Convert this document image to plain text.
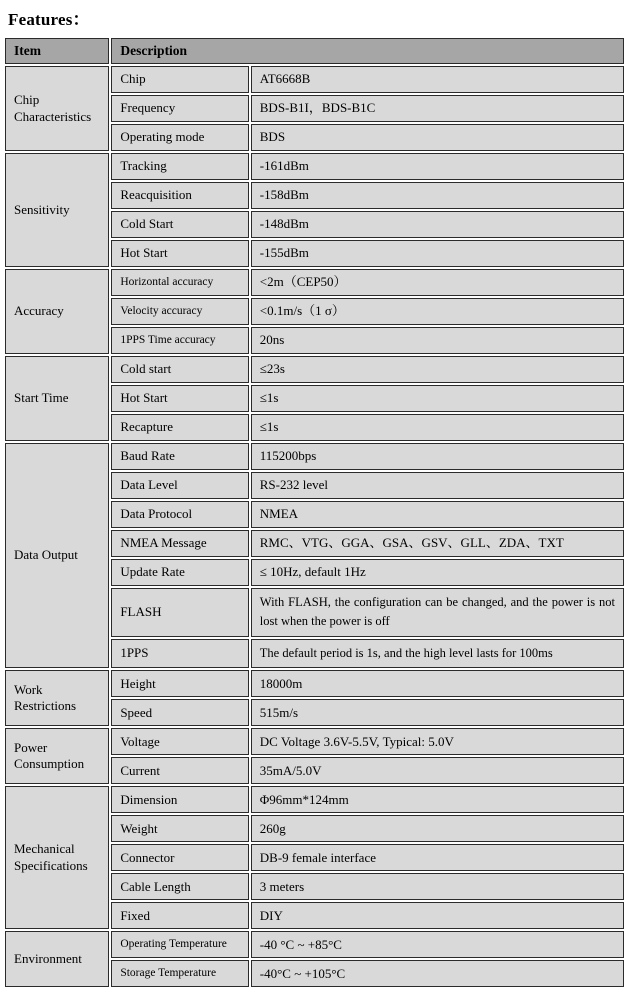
Features：
Item	Description	
Chip Characteristics	Chip	AT6668B
	Frequency	BDS-B1I，BDS-B1C
	Operating mode	BDS
Sensitivity	Tracking	-161dBm
	Reacquisition	-158dBm
	Cold Start	-148dBm
	Hot Start	-155dBm
Accuracy	Horizontal accuracy	<2m（CEP50）
	Velocity accuracy	<0.1m/s（1 σ）
	1PPS Time accuracy	20ns
Start Time	Cold start	≤23s
	Hot Start	≤1s
	Recapture	≤1s
Data Output	Baud Rate	115200bps
	Data Level	RS-232 level
	Data Protocol	NMEA
	NMEA Message	RMC、VTG、GGA、GSA、GSV、GLL、ZDA、TXT
	Update Rate	≤ 10Hz, default 1Hz
	FLASH	With FLASH, the configuration can be changed, and the power is not lost when the power is off
	1PPS	The default period is 1s, and the high level lasts for 100ms
Work Restrictions	Height	18000m
	Speed	515m/s
Power Consumption	Voltage	DC Voltage 3.6V-5.5V, Typical: 5.0V
	Current	35mA/5.0V
Mechanical Specifications	Dimension	Φ96mm*124mm
	Weight	260g
	Connector	DB-9 female interface
	Cable Length	3 meters
	Fixed	DIY
Environment	Operating Temperature	-40 °C ~ +85°C
	Storage Temperature	-40°C ~ +105°C
